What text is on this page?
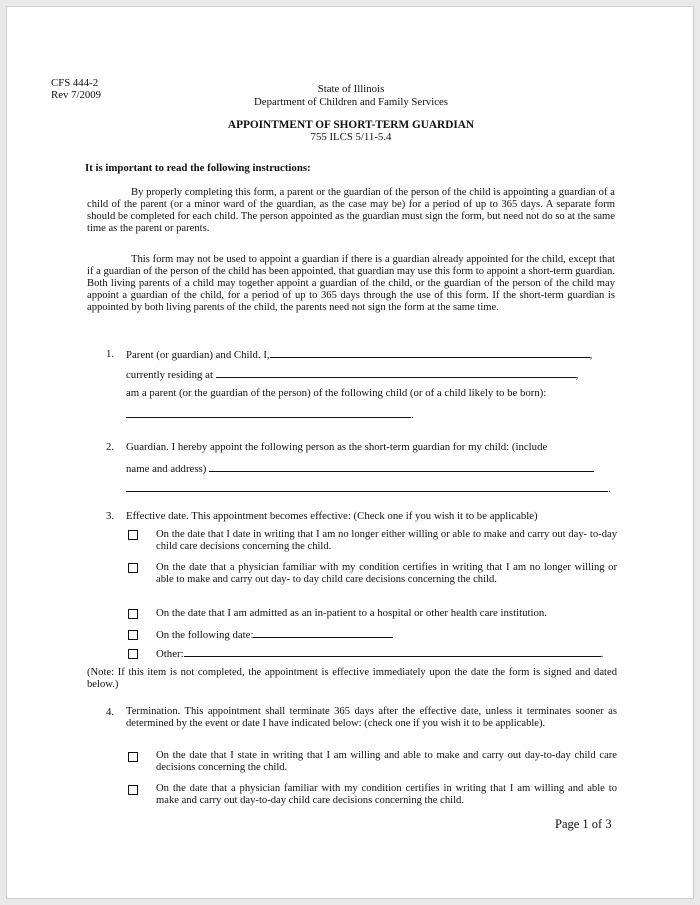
CFS 444-2
Rev 7/2009	State of Illinois
Department of Children and Family Services
APPOINTMENT OF SHORT-TERM GUARDIAN
755 ILCS 5/11-5.4
It is important to read the following instructions:
By properly completing this form, a parent or the guardian of the person of the child is appointing a guardian of a child of the parent (or a minor ward of the guardian, as the case may be) for a period of up to 365 days. A separate form should be completed for each child. The person appointed as the guardian must sign the form, but need not do so at the same time as the parent or parents.
This form may not be used to appoint a guardian if there is a guardian already appointed for the child, except that if a guardian of the person of the child has been appointed, that guardian may use this form to appoint a short-term guardian. Both living parents of a child may together appoint a guardian of the child, or the guardian of the person of the child may appoint a guardian of the child, for a period of up to 365 days through the use of this form. If the short-term guardian is appointed by both living parents of the child, the parents need not sign the form at the same time.
1. Parent (or guardian) and Child. I,	,
currently residing at	,
am a parent (or the guardian of the person) of the following child (or of a child likely to be born):
.
2. Guardian. I hereby appoint the following person as the short-term guardian for my child: (include
name and address)
.
3. Effective date. This appointment becomes effective: (Check one if you wish it to be applicable)
On the date that I date in writing that I am no longer either willing or able to make and carry out day- to-day child care decisions concerning the child.
On the date that a physician familiar with my condition certifies in writing that I am no longer willing or able to make and carry out day- to day child care decisions concerning the child.
On the date that I am admitted as an in-patient to a hospital or other health care institution.
On the following date:
Other:	.
(Note: If this item is not completed, the appointment is effective immediately upon the date the form is signed and dated below.)
4. Termination. This appointment shall terminate 365 days after the effective date, unless it terminates sooner as determined by the event or date I have indicated below: (check one if you wish it to be applicable).
On the date that I state in writing that I am willing and able to make and carry out day-to-day child care decisions concerning the child.
On the date that a physician familiar with my condition certifies in writing that I am willing and able to make and carry out day-to-day child care decisions concerning the child.
Page 1 of 3
